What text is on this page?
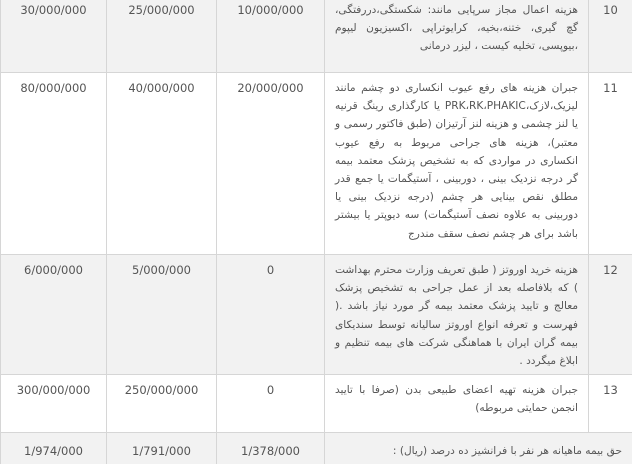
10	هزینه اعمال مجاز سرپایی مانند: شکستگی،دررفتگی، گچ گیری، ختنه،بخیه، کرایوتراپی ،اکسیزیون لیپوم ،بیوپسی، تخلیه کیست ، لیزر درمانی	10/000/000	25/000/000	30/000/000
11	جبران هزینه های رفع عیوب انکساری دو چشم مانند لیزیک،لازک،PRK،RK،PHAKIC یا کارگذاری رینگ قرنیه یا لنز چشمی و هزینه لنز آرتیزان (طبق فاکتور رسمی و معتبر)، هزینه های جراحی مربوط به رفع عیوب انکساری در مواردی که به تشخیص پزشک معتمد بیمه گر درجه نزدیک بینی ، دوربینی ، آستیگمات یا جمع قدر مطلق نقص بینایی هر چشم (درجه نزدیک بینی یا دوربینی به علاوه نصف آستیگمات) سه دیوپتر یا بیشتر باشد برای هر چشم نصف سقف مندرج	20/000/000	40/000/000	80/000/000
12	هزینه خرید اوروتز ( طبق تعریف وزارت محترم بهداشت ) که بلافاصله بعد از عمل جراحی به تشخیص پزشک معالج و تایید پزشک معتمد بیمه گر مورد نیاز باشد .( فهرست و تعرفه انواع اوروتز سالیانه توسط سندیکای بیمه گران ایران با هماهنگی شرکت های بیمه تنظیم و ابلاغ میگردد .	0	5/000/000	6/000/000
13	جبران هزینه تهیه اعضای طبیعی بدن (صرفا با تایید انجمن حمایتی مربوطه)	0	250/000/000	300/000/000
حق بیمه ماهیانه هر نفر با فرانشیز ده درصد (ریال) :		1/378/000	1/791/000	1/974/000
